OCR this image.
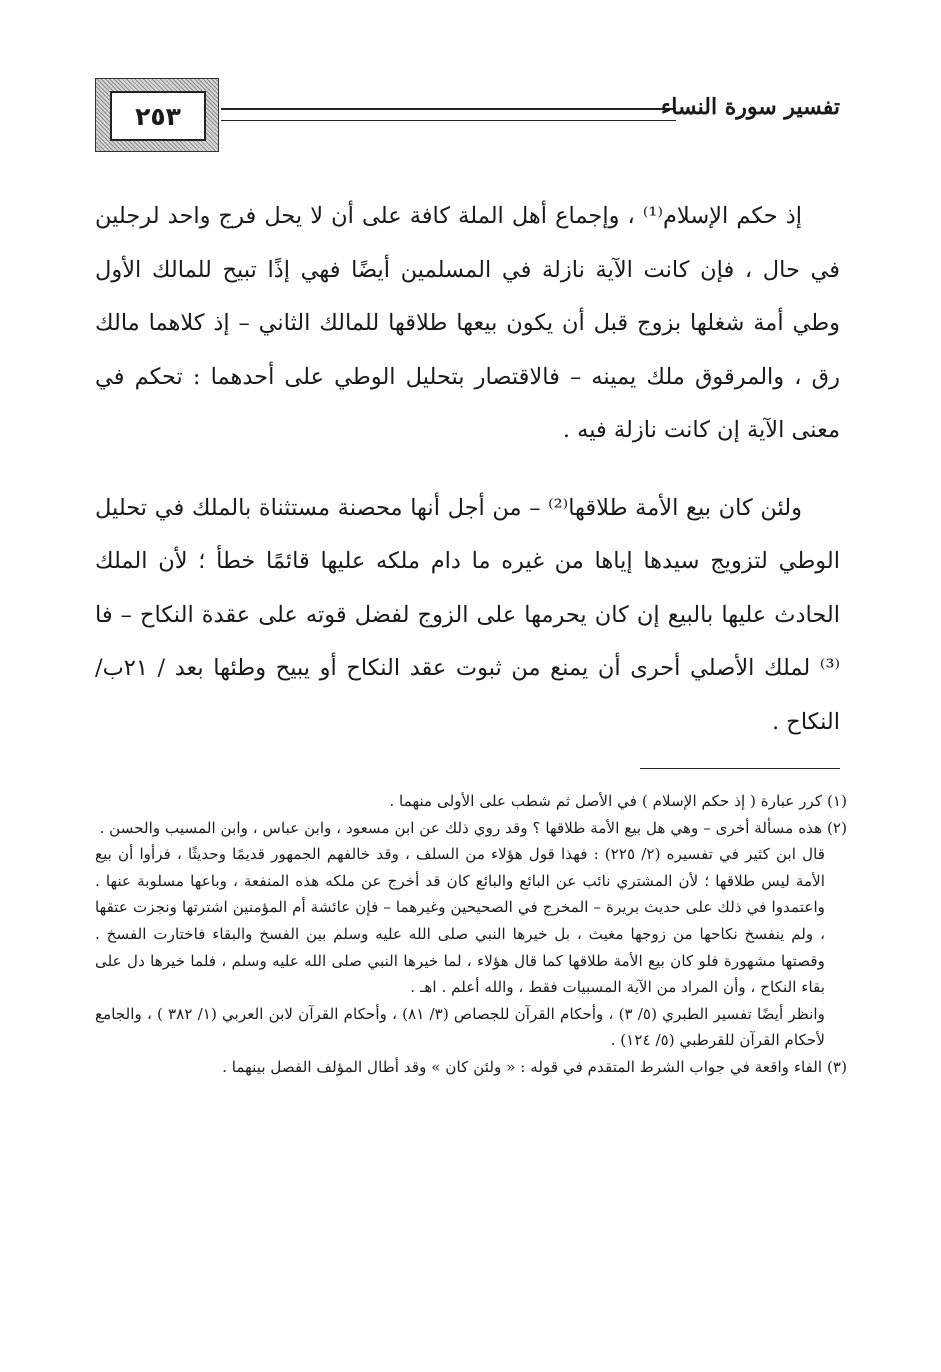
٢٥٣	تفسير سورة النساء

إذ حكم الإسلام⁽¹⁾ ، وإجماع أهل الملة كافة على أن لا يحل فرج واحد لرجلين في حال ، فإن كانت الآية نازلة في المسلمين أيضًا فهي إذًا تبيح للمالك الأول وطي أمة شغلها بزوج قبل أن يكون بيعها طلاقها للمالك الثاني – إذ كلاهما مالك رق ، والمرقوق ملك يمينه – فالاقتصار بتحليل الوطي على أحدهما : تحكم في معنى الآية إن كانت نازلة فيه .

ولئن كان بيع الأمة طلاقها⁽²⁾ – من أجل أنها محصنة مستثناة بالملك في تحليل الوطي لتزويج سيدها إياها من غيره ما دام ملكه عليها قائمًا خطأ ؛ لأن الملك الحادث عليها بالبيع إن كان يحرمها على الزوج لفضل قوته على عقدة النكاح – فا ⁽³⁾ لملك الأصلي أحرى أن يمنع من ثبوت عقد النكاح أو يبيح وطئها بعد / ٢١ب/ النكاح .

(١) كرر عبارة ( إذ حكم الإسلام ) في الأصل ثم شطب على الأولى منهما .

(٢) هذه مسألة أخرى – وهي هل بيع الأمة طلاقها ؟ وقد روي ذلك عن ابن مسعود ، وابن عباس ، وابن المسيب والحسن .

قال ابن كثير في تفسيره (٢/ ٢٢٥) : فهذا قول هؤلاء من السلف ، وقد خالفهم الجمهور قديمًا وحديثًا ، فرأوا أن بيع الأمة ليس طلاقها ؛ لأن المشتري نائب عن البائع والبائع كان قد أخرج عن ملكه هذه المنفعة ، وباعها مسلوبة عنها . واعتمدوا في ذلك على حديث بريرة – المخرج في الصحيحين وغيرهما – فإن عائشة أم المؤمنين اشترتها ونجزت عتقها ، ولم ينفسخ نكاحها من زوجها مغيث ، بل خيرها النبي صلى الله عليه وسلم بين الفسخ والبقاء فاختارت الفسخ . وقصتها مشهورة فلو كان بيع الأمة طلاقها كما قال هؤلاء ، لما خيرها النبي صلى الله عليه وسلم ، فلما خيرها دل على بقاء النكاح ، وأن المراد من الآية المسبيات فقط ، والله أعلم . اهـ .

وانظر أيضًا تفسير الطبري (٥/ ٣) ، وأحكام القرآن للجصاص (٣/ ٨١) ، وأحكام القرآن لابن العربي (١/ ٣٨٢ ) ، والجامع لأحكام القرآن للقرطبي (٥/ ١٢٤) .

(٣) الفاء واقعة في جواب الشرط المتقدم في قوله : « ولئن كان » وقد أطال المؤلف الفصل بينهما .
